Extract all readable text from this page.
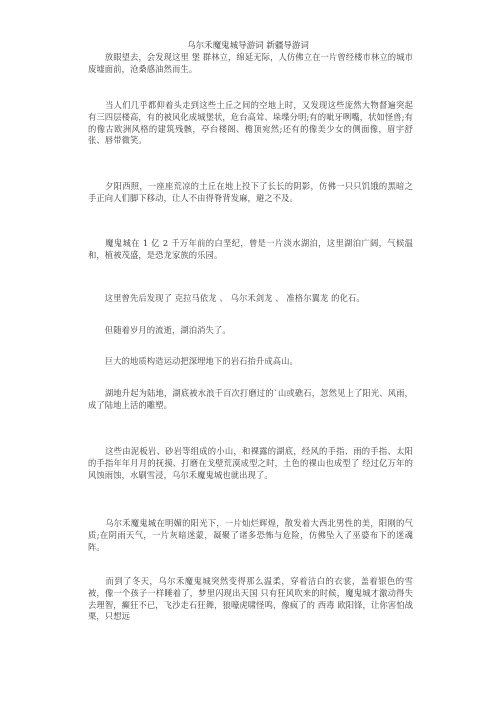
乌尔禾魔鬼城导游词 新疆导游词

　　放眼望去，会发现这里 堡 群林立，绵延无际，人仿佛立在一片曾经楼市林立的城市废墟面前，沧桑感油然而生。

　　当人们几乎都仰着头走到这些土丘之间的空地上时，又发现这些庞然大物督遍突起有三四层楼高，有的被风化成城堡状，危台高耸、垛堞分明;有的呲牙咧嘴，状如怪兽;有的像古欧洲风格的建筑残骸，亭台楼阁、檐顶宛然;还有的像美少女的侧面像，眉宇舒张、唇带微笑。

　　夕阳西照，一座座荒凉的土丘在地上投下了长长的阴影，仿佛一只只饥饿的黑暗之手正向人们脚下移动，让人不由得脊背发麻，避之不及。

　　魔鬼城在 1 亿 2 千万年前的白垩纪，曾是一片淡水湖泊，这里湖泊广阔，气候温和，植被茂盛，是恐龙家族的乐园。

　　这里曾先后发现了 克拉马依龙 、 乌尔禾剑龙 、 准格尔翼龙 的化石。

　　但随着岁月的流逝，湖泊消失了。

　　巨大的地质构造运动把深埋地下的岩石抬升成高山。

　　湖地升起为陆地，湖底被水浪千百次打磨过的`山或礁石，忽然见上了阳光、风雨，成了陆地上活的雕塑。

　　这些由泥板岩、砂岩等组成的小山，和裸露的湖底，经风的手指、雨的手指、太阳的手指年年月月的抚摸、打磨在戈壁荒漠成型之时，土色的裸山也成型了 经过亿万年的风蚀雨蚀，水刷雪浸，乌尔禾魔鬼城也就出现了。

　　乌尔禾魔鬼城在明媚的阳光下，一片灿烂辉煌，散发着大西北男性的美，阳刚的气质;在阴雨天气，一片灰暗迷蒙，凝聚了诸多恐怖与危险，仿佛坠入了巫婆布下的迷魂阵。

　　而到了冬天，乌尔禾魔鬼城突然变得那么温柔，穿着洁白的衣裳，盖着银色的雪被，像一个孩子一样睡着了，梦里闪现出天国 只有狂风吹来的时候，魔鬼城才激动得失去理智，癫狂不已，飞沙走石狂舞，狼嚎虎啸怪鸣，像疯了的 西毒 欧阳锋，让你害怕战栗，只想远
